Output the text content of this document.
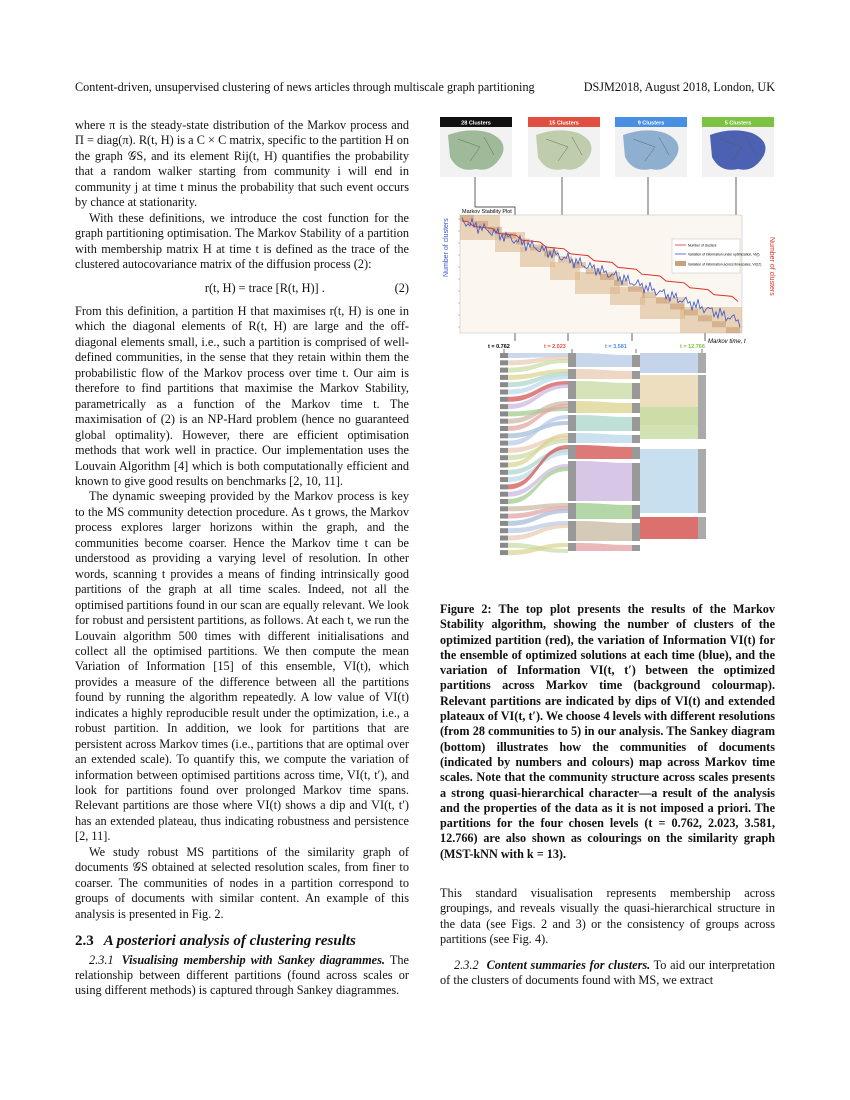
Content-driven, unsupervised clustering of news articles through multiscale graph partitioning	DSJM2018, August 2018, London, UK

where π is the steady-state distribution of the Markov process and Π = diag(π). R(t, H) is a C × C matrix, specific to the partition H on the graph 𝒢S, and its element Rij(t, H) quantifies the probability that a random walker starting from community i will end in community j at time t minus the probability that such event occurs by chance at stationarity.

With these definitions, we introduce the cost function for the graph partitioning optimisation. The Markov Stability of a partition with membership matrix H at time t is defined as the trace of the clustered autocovariance matrix of the diffusion process (2):

r(t, H) = trace [R(t, H)] .	(2)

From this definition, a partition H that maximises r(t, H) is one in which the diagonal elements of R(t, H) are large and the off-diagonal elements small, i.e., such a partition is comprised of well-defined communities, in the sense that they retain within them the probabilistic flow of the Markov process over time t. Our aim is therefore to find partitions that maximise the Markov Stability, parametrically as a function of the Markov time t. The maximisation of (2) is an NP-Hard problem (hence no guaranteed global optimality). However, there are efficient optimisation methods that work well in practice. Our implementation uses the Louvain Algorithm [4] which is both computationally efficient and known to give good results on benchmarks [2, 10, 11].

The dynamic sweeping provided by the Markov process is key to the MS community detection procedure. As t grows, the Markov process explores larger horizons within the graph, and the communities become coarser. Hence the Markov time t can be understood as providing a varying level of resolution. In other words, scanning t provides a means of finding intrinsically good partitions of the graph at all time scales. Indeed, not all the optimised partitions found in our scan are equally relevant. We look for robust and persistent partitions, as follows. At each t, we run the Louvain algorithm 500 times with different initialisations and collect all the optimised partitions. We then compute the mean Variation of Information [15] of this ensemble, VI(t), which provides a measure of the difference between all the partitions found by running the algorithm repeatedly. A low value of VI(t) indicates a highly reproducible result under the optimization, i.e., a robust partition. In addition, we look for partitions that are persistent across Markov times (i.e., partitions that are optimal over an extended scale). To quantify this, we compute the variation of information between optimised partitions across time, VI(t, t′), and look for partitions found over prolonged Markov time spans. Relevant partitions are those where VI(t) shows a dip and VI(t, t′) has an extended plateau, thus indicating robustness and persistence [2, 11].

We study robust MS partitions of the similarity graph of documents 𝒢S obtained at selected resolution scales, from finer to coarser. The communities of nodes in a partition correspond to groups of documents with similar content. An example of this analysis is presented in Fig. 2.

2.3 A posteriori analysis of clustering results
2.3.1 Visualising membership with Sankey diagrammes. The relationship between different partitions (found across scales or using different methods) is captured through Sankey diagrammes.
28 Clusters	15 Clusters	9 Clusters	5 Clusters
Markov Stability Plot
Number of clusters	Number of clusters
Markov time, t
Number of clusters
Variation of information under optimization, VI(t)
Variation of information across timescales, VI(t,t')
t = 0.762	t = 2.023	t = 3.581	t = 12.766
Figure 2: The top plot presents the results of the Markov Stability algorithm, showing the number of clusters of the optimized partition (red), the variation of Information VI(t) for the ensemble of optimized solutions at each time (blue), and the variation of Information VI(t, t′) between the optimized partitions across Markov time (background colourmap). Relevant partitions are indicated by dips of VI(t) and extended plateaux of VI(t, t′). We choose 4 levels with different resolutions (from 28 communities to 5) in our analysis. The Sankey diagram (bottom) illustrates how the communities of documents (indicated by numbers and colours) map across Markov time scales. Note that the community structure across scales presents a strong quasi-hierarchical character—a result of the analysis and the properties of the data as it is not imposed a priori. The partitions for the four chosen levels (t = 0.762, 2.023, 3.581, 12.766) are also shown as colourings on the similarity graph (MST-kNN with k = 13).

This standard visualisation represents membership across groupings, and reveals visually the quasi-hierarchical structure in the data (see Figs. 2 and 3) or the consistency of groups across partitions (see Fig. 4).

2.3.2 Content summaries for clusters. To aid our interpretation of the clusters of documents found with MS, we extract
